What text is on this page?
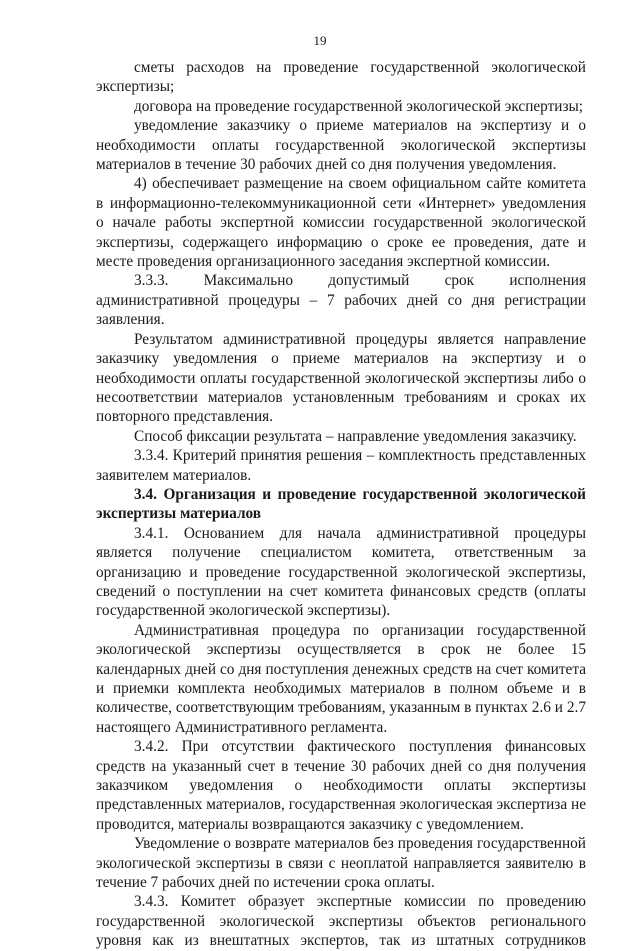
19

сметы расходов на проведение государственной экологической экспертизы;

договора на проведение государственной экологической экспертизы;

уведомление заказчику о приеме материалов на экспертизу и о необходимости оплаты государственной экологической экспертизы материалов в течение 30 рабочих дней со дня получения уведомления.

4) обеспечивает размещение на своем официальном сайте комитета в информационно-телекоммуникационной сети «Интернет» уведомления о начале работы экспертной комиссии государственной экологической экспертизы, содержащего информацию о сроке ее проведения, дате и месте проведения организационного заседания экспертной комиссии.

3.3.3. Максимально допустимый срок исполнения административной процедуры – 7 рабочих дней со дня регистрации заявления.

Результатом административной процедуры является направление заказчику уведомления о приеме материалов на экспертизу и о необходимости оплаты государственной экологической экспертизы либо о несоответствии материалов установленным требованиям и сроках их повторного представления.

Способ фиксации результата – направление уведомления заказчику.

3.3.4. Критерий принятия решения – комплектность представленных заявителем материалов.

3.4. Организация и проведение государственной экологической экспертизы материалов

3.4.1. Основанием для начала административной процедуры является получение специалистом комитета, ответственным за организацию и проведение государственной экологической экспертизы, сведений о поступлении на счет комитета финансовых средств (оплаты государственной экологической экспертизы).

Административная процедура по организации государственной экологической экспертизы осуществляется в срок не более 15 календарных дней со дня поступления денежных средств на счет комитета и приемки комплекта необходимых материалов в полном объеме и в количестве, соответствующим требованиям, указанным в пунктах 2.6 и 2.7 настоящего Административного регламента.

3.4.2. При отсутствии фактического поступления финансовых средств на указанный счет в течение 30 рабочих дней со дня получения заказчиком уведомления о необходимости оплаты экспертизы представленных материалов, государственная экологическая экспертиза не проводится, материалы возвращаются заказчику с уведомлением.

Уведомление о возврате материалов без проведения государственной экологической экспертизы в связи с неоплатой направляется заявителю в течение 7 рабочих дней по истечении срока оплаты.

3.4.3. Комитет образует экспертные комиссии по проведению государственной экологической экспертизы объектов регионального уровня как из внештатных экспертов, так из штатных сотрудников
